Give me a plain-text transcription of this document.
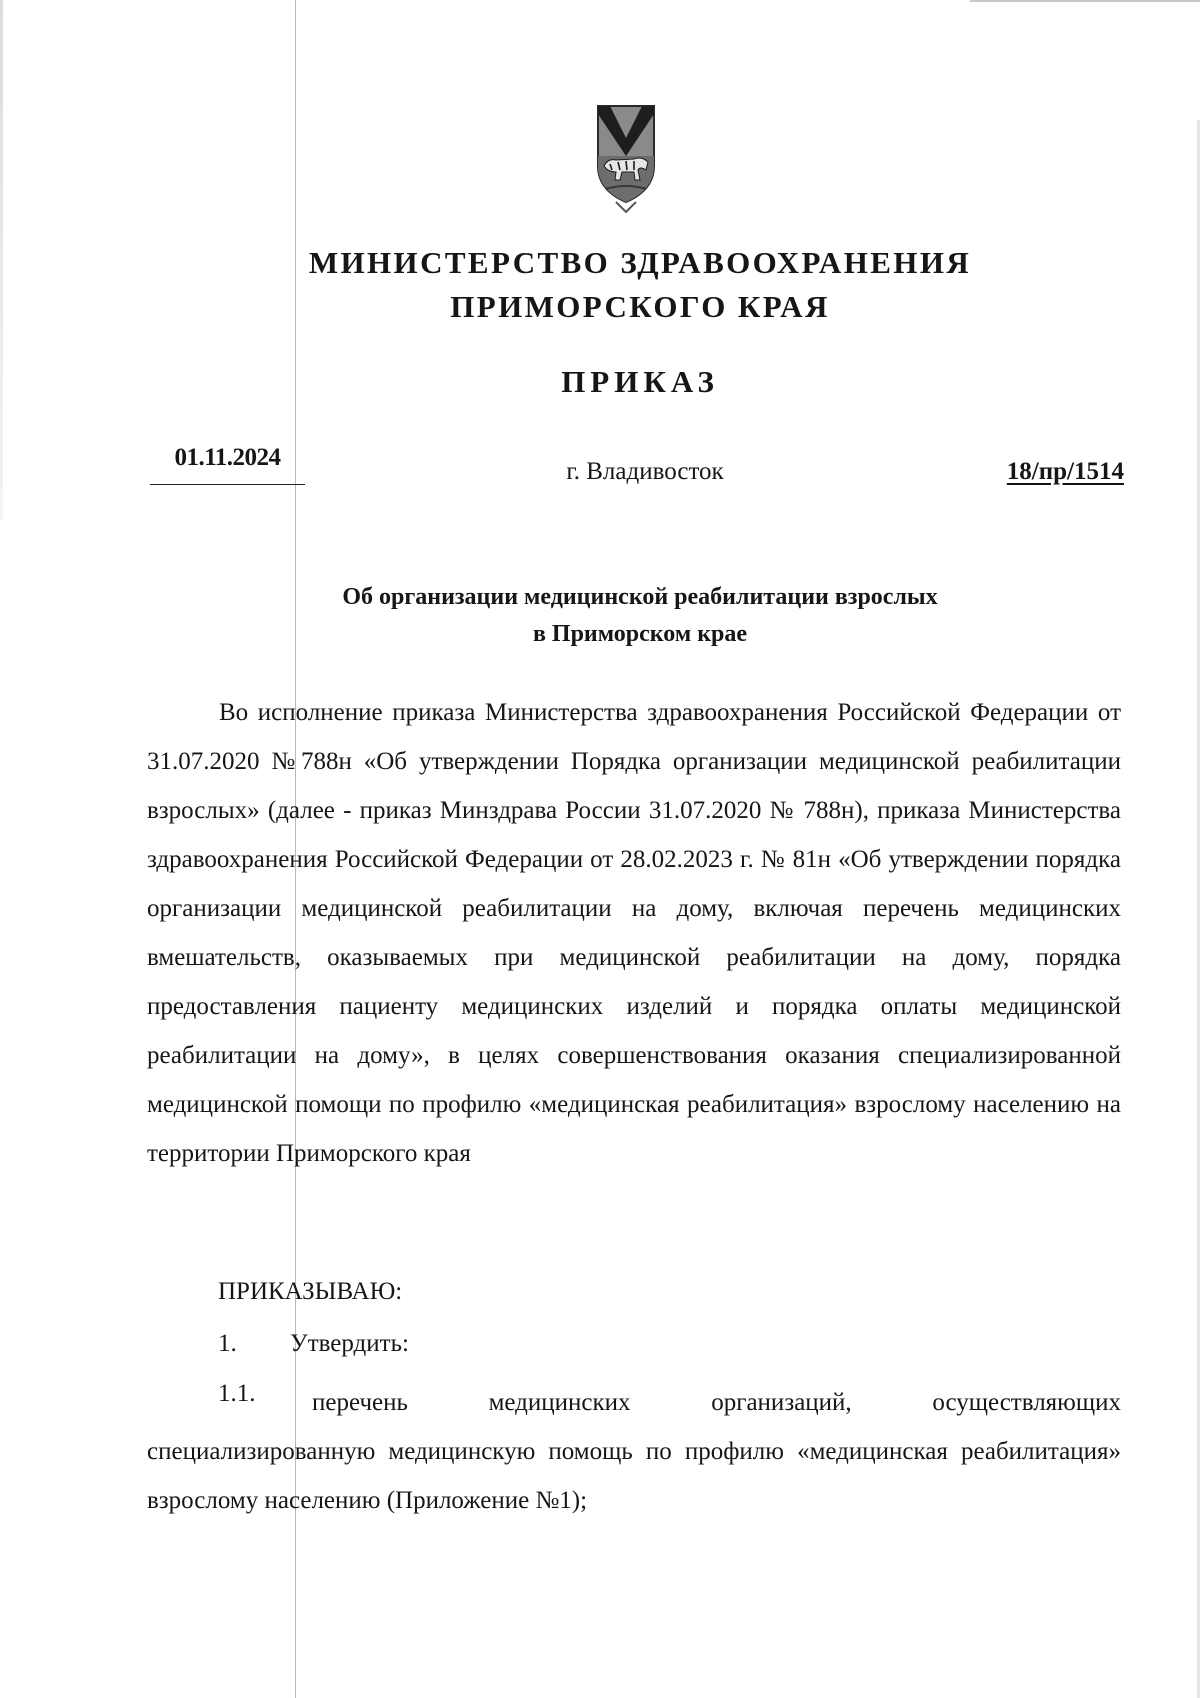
МИНИСТЕРСТВО ЗДРАВООХРАНЕНИЯ
ПРИМОРСКОГО КРАЯ
ПРИКАЗ
01.11.2024
г. Владивосток	18/пр/1514
Об организации медицинской реабилитации взрослых
в Приморском крае

Во исполнение приказа Министерства здравоохранения Российской Федерации от 31.07.2020 №788н «Об утверждении Порядка организации медицинской реабилитации взрослых» (далее - приказ Минздрава России 31.07.2020 № 788н), приказа Министерства здравоохранения Российской Федерации от 28.02.2023 г. № 81н «Об утверждении порядка организации медицинской реабилитации на дому, включая перечень медицинских вмешательств, оказываемых при медицинской реабилитации на дому, порядка предоставления пациенту медицинских изделий и порядка оплаты медицинской реабилитации на дому», в целях совершенствования оказания специализированной медицинской помощи по профилю «медицинская реабилитация» взрослому населению на территории Приморского края

ПРИКАЗЫВАЮ:
1. Утвердить:
1.1.	перечень медицинских организаций, осуществляющих специализированную медицинскую помощь по профилю «медицинская реабилитация» взрослому населению (Приложение №1);
